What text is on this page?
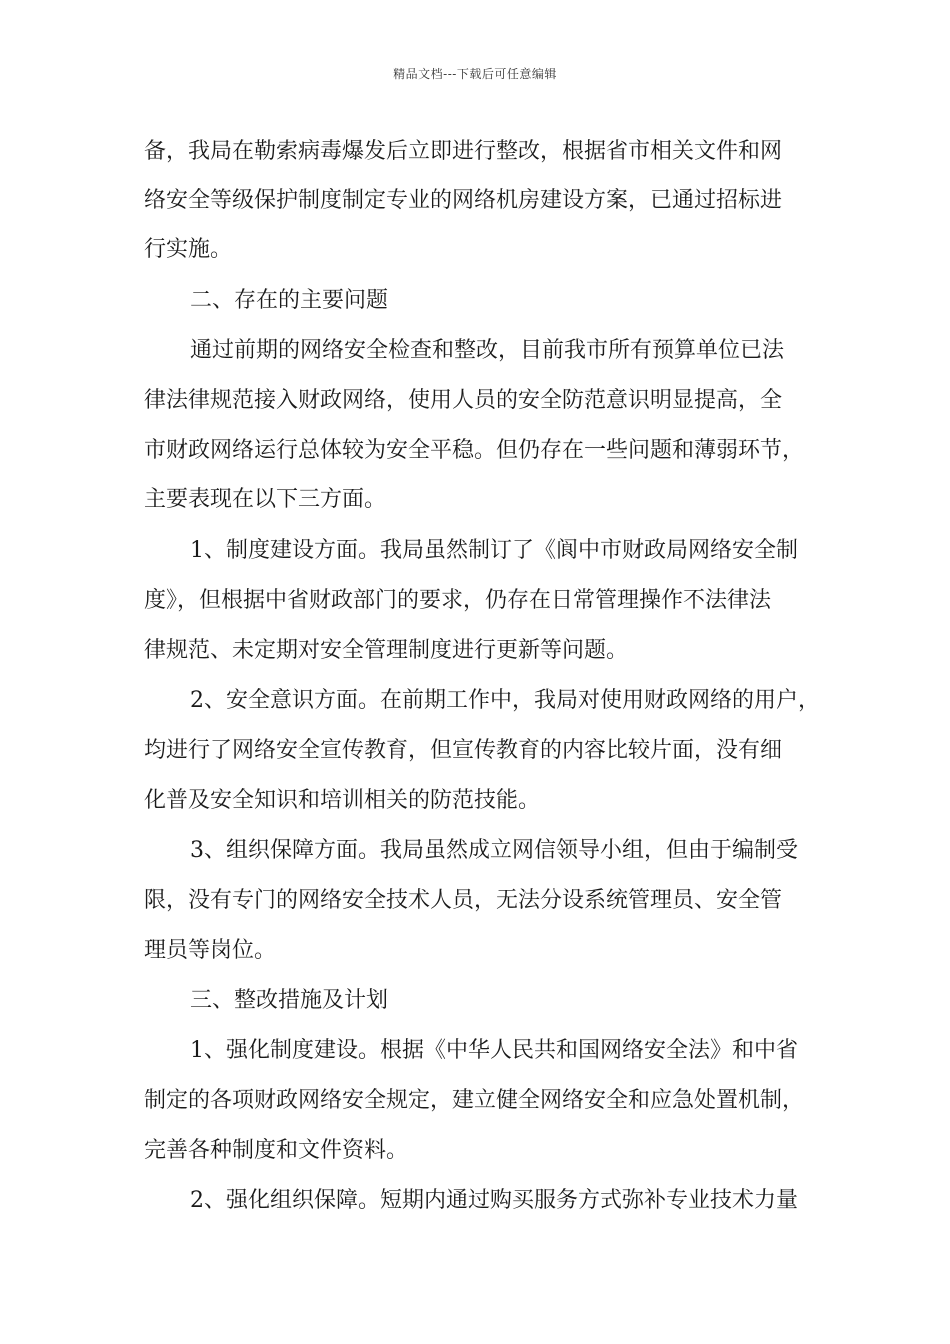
精品文档---下载后可任意编辑
备，我局在勒索病毒爆发后立即进行整改，根据省市相关文件和网
络安全等级保护制度制定专业的网络机房建设方案，已通过招标进
行实施。
二、存在的主要问题
通过前期的网络安全检查和整改，目前我市所有预算单位已法
律法律规范接入财政网络，使用人员的安全防范意识明显提高，全
市财政网络运行总体较为安全平稳。但仍存在一些问题和薄弱环节，
主要表现在以下三方面。
1、制度建设方面。我局虽然制订了《阆中市财政局网络安全制
度》，但根据中省财政部门的要求，仍存在日常管理操作不法律法
律规范、未定期对安全管理制度进行更新等问题。
2、安全意识方面。在前期工作中，我局对使用财政网络的用户，
均进行了网络安全宣传教育，但宣传教育的内容比较片面，没有细
化普及安全知识和培训相关的防范技能。
3、组织保障方面。我局虽然成立网信领导小组，但由于编制受
限，没有专门的网络安全技术人员，无法分设系统管理员、安全管
理员等岗位。
三、整改措施及计划
1、强化制度建设。根据《中华人民共和国网络安全法》和中省
制定的各项财政网络安全规定，建立健全网络安全和应急处置机制，
完善各种制度和文件资料。
2、强化组织保障。短期内通过购买服务方式弥补专业技术力量
